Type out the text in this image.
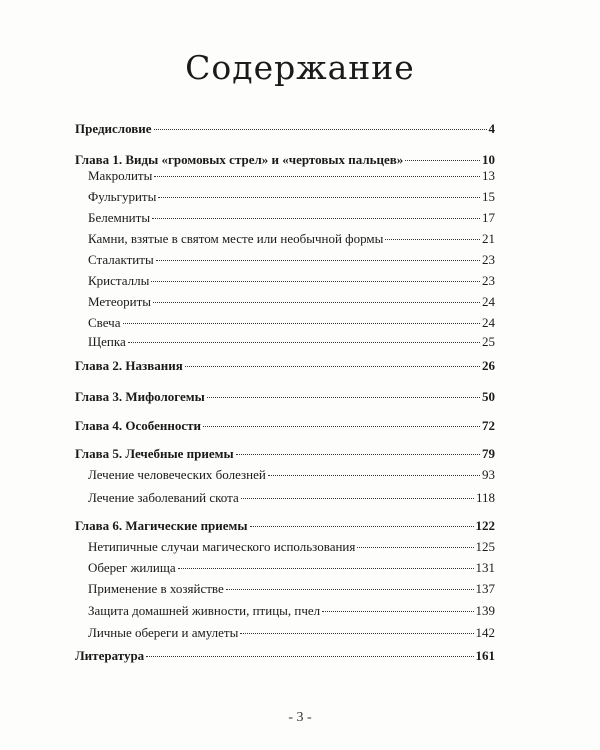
Содержание
Предисловие	4
Глава 1. Виды «громовых стрел» и «чертовых пальцев»	10
Макролиты	13
Фульгуриты	15
Белемниты	17
Камни, взятые в святом месте или необычной формы	21
Сталактиты	23
Кристаллы	23
Метеориты	24
Свеча	24
Щепка	25
Глава 2. Названия	26
Глава 3. Мифологемы	50
Глава 4. Особенности	72
Глава 5. Лечебные приемы	79
Лечение человеческих болезней	93
Лечение заболеваний скота	118
Глава 6. Магические приемы	122
Нетипичные случаи магического использования	125
Оберег жилища	131
Применение в хозяйстве	137
Защита домашней живности, птицы, пчел	139
Личные обереги и амулеты	142
Литература	161
- 3 -
